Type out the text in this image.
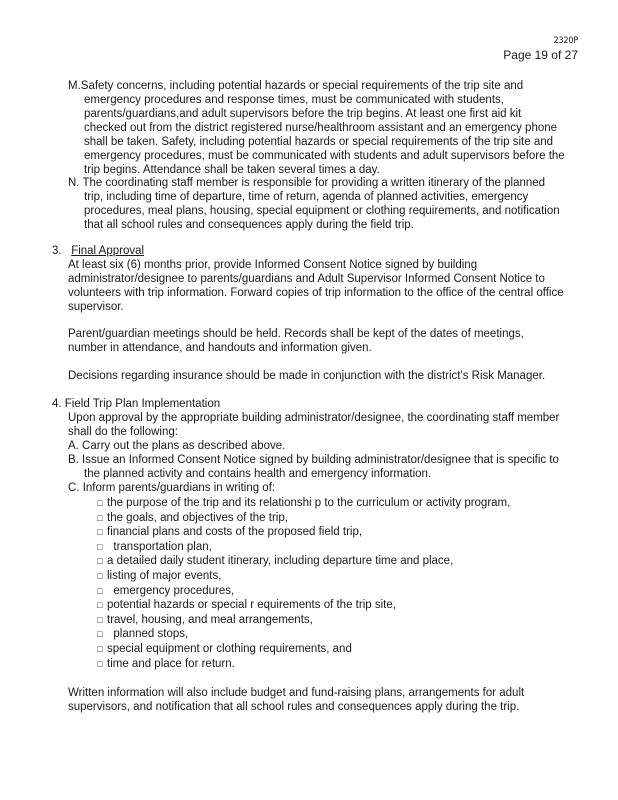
2320P
Page 19 of 27
M.Safety concerns, including potential hazards or special requirements of the trip site and
emergency procedures and response times, must be communicated with students,
parents/guardians,and adult supervisors before the trip begins. At least one first aid kit
checked out from the district registered nurse/healthroom assistant and an emergency phone
shall be taken. Safety, including potential hazards or special requirements of the trip site and
emergency procedures, must be communicated with students and adult supervisors before the
trip begins. Attendance shall be taken several times a day.
N. The coordinating staff member is responsible for providing a written itinerary of the planned
trip, including time of departure, time of return, agenda of planned activities, emergency
procedures, meal plans, housing, special equipment or clothing requirements, and notification
that all school rules and consequences apply during the field trip.
3. Final Approval
At least six (6) months prior, provide Informed Consent Notice signed by building
administrator/designee to parents/guardians and Adult Supervisor Informed Consent Notice to
volunteers with trip information. Forward copies of trip information to the office of the central office
supervisor.
Parent/guardian meetings should be held. Records shall be kept of the dates of meetings,
number in attendance, and handouts and information given.
Decisions regarding insurance should be made in conjunction with the district's Risk Manager.
4. Field Trip Plan Implementation
Upon approval by the appropriate building administrator/designee, the coordinating staff member
shall do the following:
A. Carry out the plans as described above.
B. Issue an Informed Consent Notice signed by building administrator/designee that is specific to
the planned activity and contains health and emergency information.
C. Inform parents/guardians in writing of:
□ the purpose of the trip and its relationshi p to the curriculum or activity program,
□ the goals, and objectives of the trip,
□ financial plans and costs of the proposed field trip,
□  transportation plan,
□ a detailed daily student itinerary, including departure time and place,
□ listing of major events,
□  emergency procedures,
□ potential hazards or special r equirements of the trip site,
□ travel, housing, and meal arrangements,
□  planned stops,
□ special equipment or clothing requirements, and
□ time and place for return.
Written information will also include budget and fund-raising plans, arrangements for adult
supervisors, and notification that all school rules and consequences apply during the trip.
